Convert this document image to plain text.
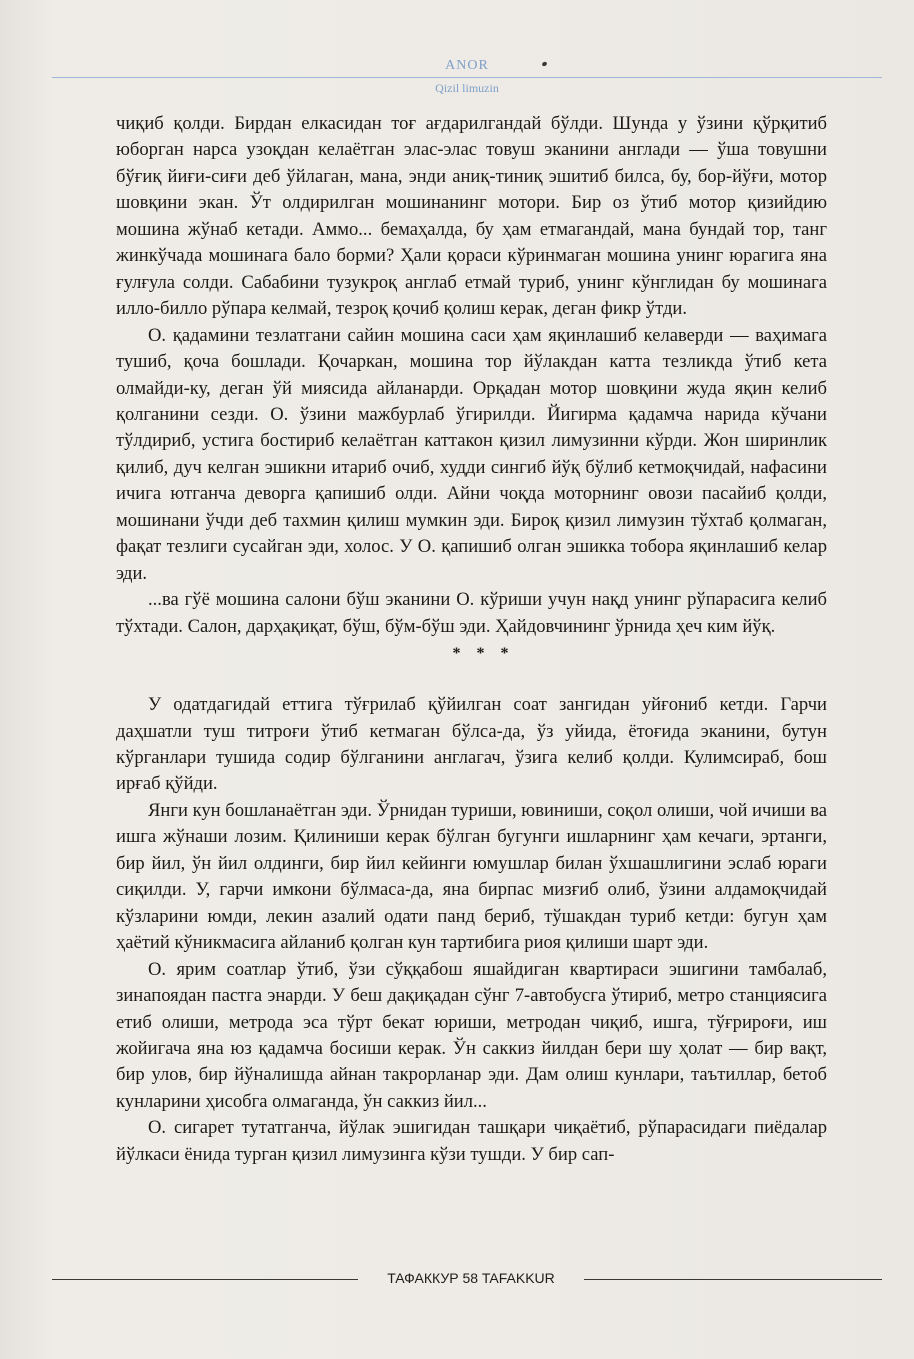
ANOR
Qizil limuzin

чиқиб қолди. Бирдан елкасидан тоғ ағдарилгандай бўлди. Шунда у ўзини қўрқитиб юборган нарса узоқдан келаётган элас-элас товуш эканини англади — ўша товушни бўғиқ йиғи-сиғи деб ўйлаган, мана, энди аниқ-тиниқ эшитиб билса, бу, бор-йўғи, мотор шовқини экан. Ўт олдирилган мошинанинг мотори. Бир оз ўтиб мотор қизийдию мошина жўнаб кетади. Аммо... бемаҳалда, бу ҳам етмагандай, мана бундай тор, танг жинкўчада мошинага бало борми? Ҳали қораси кўринмаган мошина унинг юрагига яна ғулғула солди. Сабабини тузукроқ англаб етмай туриб, унинг кўнглидан бу мошинага илло-билло рўпара келмай, тезроқ қочиб қолиш керак, деган фикр ўтди.

О. қадамини тезлатгани сайин мошина саси ҳам яқинлашиб келаверди — ваҳимага тушиб, қоча бошлади. Қочаркан, мошина тор йўлакдан катта тезликда ўтиб кета олмайди-ку, деган ўй миясида айланарди. Орқадан мотор шовқини жуда яқин келиб қолганини сезди. О. ўзини мажбурлаб ўгирилди. Йигирма қадамча нарида кўчани тўлдириб, устига бостириб келаётган каттакон қизил лимузинни кўрди. Жон ширинлик қилиб, дуч келган эшикни итариб очиб, худди сингиб йўқ бўлиб кетмоқчидай, нафасини ичига ютганча деворга қапишиб олди. Айни чоқда моторнинг овози пасайиб қолди, мошинани ўчди деб тахмин қилиш мумкин эди. Бироқ қизил лимузин тўхтаб қолмаган, фақат тезлиги сусайган эди, холос. У О. қапишиб олган эшикка тобора яқинлашиб келар эди.

...ва гўё мошина салони бўш эканини О. кўриши учун нақд унинг рўпарасига келиб тўхтади. Салон, дарҳақиқат, бўш, бўм-бўш эди. Ҳайдовчининг ўрнида ҳеч ким йўқ.

* * *

У одатдагидай еттига тўғрилаб қўйилган соат зангидан уйғониб кетди. Гарчи даҳшатли туш титроғи ўтиб кетмаган бўлса-да, ўз уйида, ётоғида эканини, бутун кўрганлари тушида содир бўлганини англагач, ўзига келиб қолди. Кулимсираб, бош ирғаб қўйди.

Янги кун бошланаётган эди. Ўрнидан туриши, ювиниши, соқол олиши, чой ичиши ва ишга жўнаши лозим. Қилиниши керак бўлган бугунги ишларнинг ҳам кечаги, эртанги, бир йил, ўн йил олдинги, бир йил кейинги юмушлар билан ўхшашлигини эслаб юраги сиқилди. У, гарчи имкони бўлмаса-да, яна бирпас мизғиб олиб, ўзини алдамоқчидай кўзларини юмди, лекин азалий одати панд бериб, тўшакдан туриб кетди: бугун ҳам ҳаётий кўникмасига айланиб қолган кун тартибига риоя қилиши шарт эди.

О. ярим соатлар ўтиб, ўзи сўққабош яшайдиган квартираси эшигини тамбалаб, зинапоядан пастга энарди. У беш дақиқадан сўнг 7-автобусга ўтириб, метро станциясига етиб олиши, метрода эса тўрт бекат юриши, метродан чиқиб, ишга, тўғрироғи, иш жойигача яна юз қадамча босиши керак. Ўн саккиз йилдан бери шу ҳолат — бир вақт, бир улов, бир йўналишда айнан такрорланар эди. Дам олиш кунлари, таътиллар, бетоб кунларини ҳисобга олмаганда, ўн саккиз йил...

О. сигарет тутатганча, йўлак эшигидан ташқари чиқаётиб, рўпарасидаги пиёдалар йўлкаси ёнида турган қизил лимузинга кўзи тушди. У бир сап-

ТАФАККУР 58 TAFAKKUR
